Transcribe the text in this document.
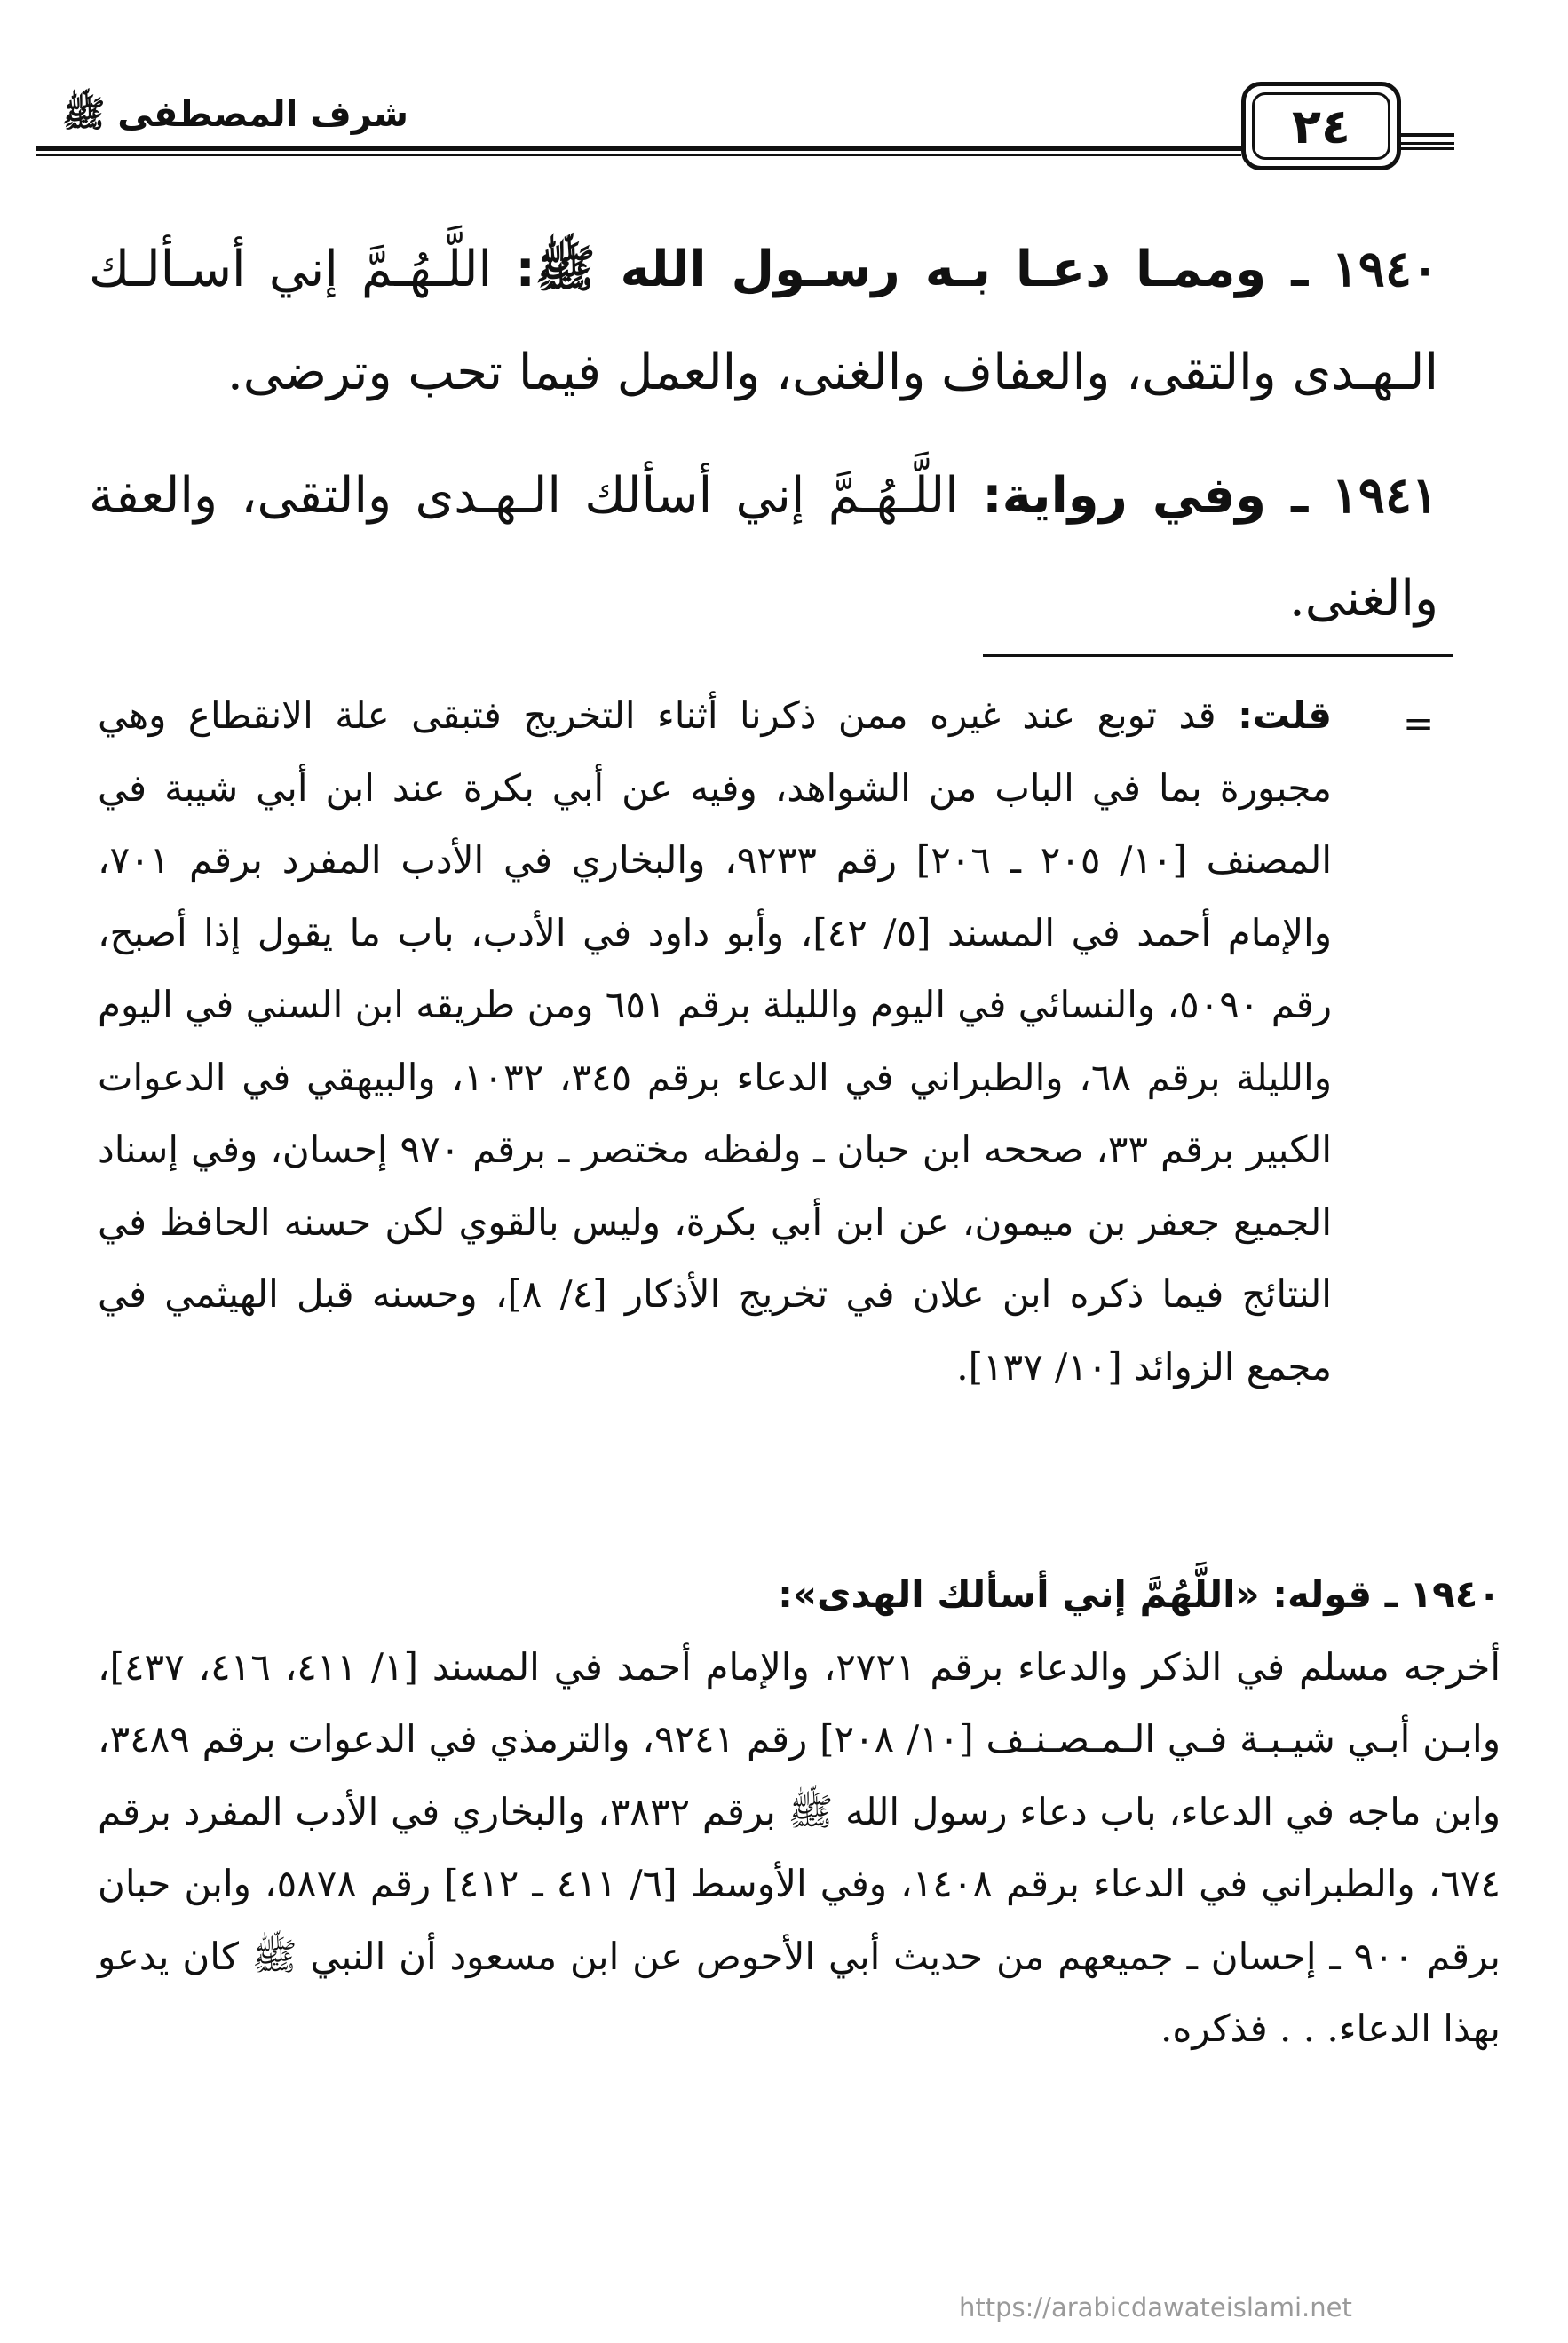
شرف المصطفى ﷺ	٢٤

١٩٤٠ ـ وممـا دعـا بـه رسـول الله ﷺ: اللَّـهُـمَّ إني أسـألـك الـهـدى والتقى، والعفاف والغنى، والعمل فيما تحب وترضى.

١٩٤١ ـ وفي رواية: اللَّـهُـمَّ إني أسألك الـهـدى والتقى، والعفة والغنى.

=

قلت: قد توبع عند غيره ممن ذكرنا أثناء التخريج فتبقى علة الانقطاع وهي مجبورة بما في الباب من الشواهد، وفيه عن أبي بكرة عند ابن أبي شيبة في المصنف [١٠/ ٢٠٥ ـ ٢٠٦] رقم ٩٢٣٣، والبخاري في الأدب المفرد برقم ٧٠١، والإمام أحمد في المسند [٥/ ٤٢]، وأبو داود في الأدب، باب ما يقول إذا أصبح، رقم ٥٠٩٠، والنسائي في اليوم والليلة برقم ٦٥١ ومن طريقه ابن السني في اليوم والليلة برقم ٦٨، والطبراني في الدعاء برقم ٣٤٥، ١٠٣٢، والبيهقي في الدعوات الكبير برقم ٣٣، صححه ابن حبان ـ ولفظه مختصر ـ برقم ٩٧٠ إحسان، وفي إسناد الجميع جعفر بن ميمون، عن ابن أبي بكرة، وليس بالقوي لكن حسنه الحافظ في النتائج فيما ذكره ابن علان في تخريج الأذكار [٤/ ٨]، وحسنه قبل الهيثمي في مجمع الزوائد [١٠/ ١٣٧].

١٩٤٠ ـ قوله: «اللَّهُمَّ إني أسألك الهدى»:
أخرجه مسلم في الذكر والدعاء برقم ٢٧٢١، والإمام أحمد في المسند [١/ ٤١١، ٤١٦، ٤٣٧]، وابـن أبـي شيـبـة فـي الـمـصـنـف [١٠/ ٢٠٨] رقم ٩٢٤١، والترمذي في الدعوات برقم ٣٤٨٩، وابن ماجه في الدعاء، باب دعاء رسول الله ﷺ برقم ٣٨٣٢، والبخاري في الأدب المفرد برقم ٦٧٤، والطبراني في الدعاء برقم ١٤٠٨، وفي الأوسط [٦/ ٤١١ ـ ٤١٢] رقم ٥٨٧٨، وابن حبان برقم ٩٠٠ ـ إحسان ـ جميعهم من حديث أبي الأحوص عن ابن مسعود أن النبي ﷺ كان يدعو بهذا الدعاء. . . فذكره.

https://arabicdawateislami.net
